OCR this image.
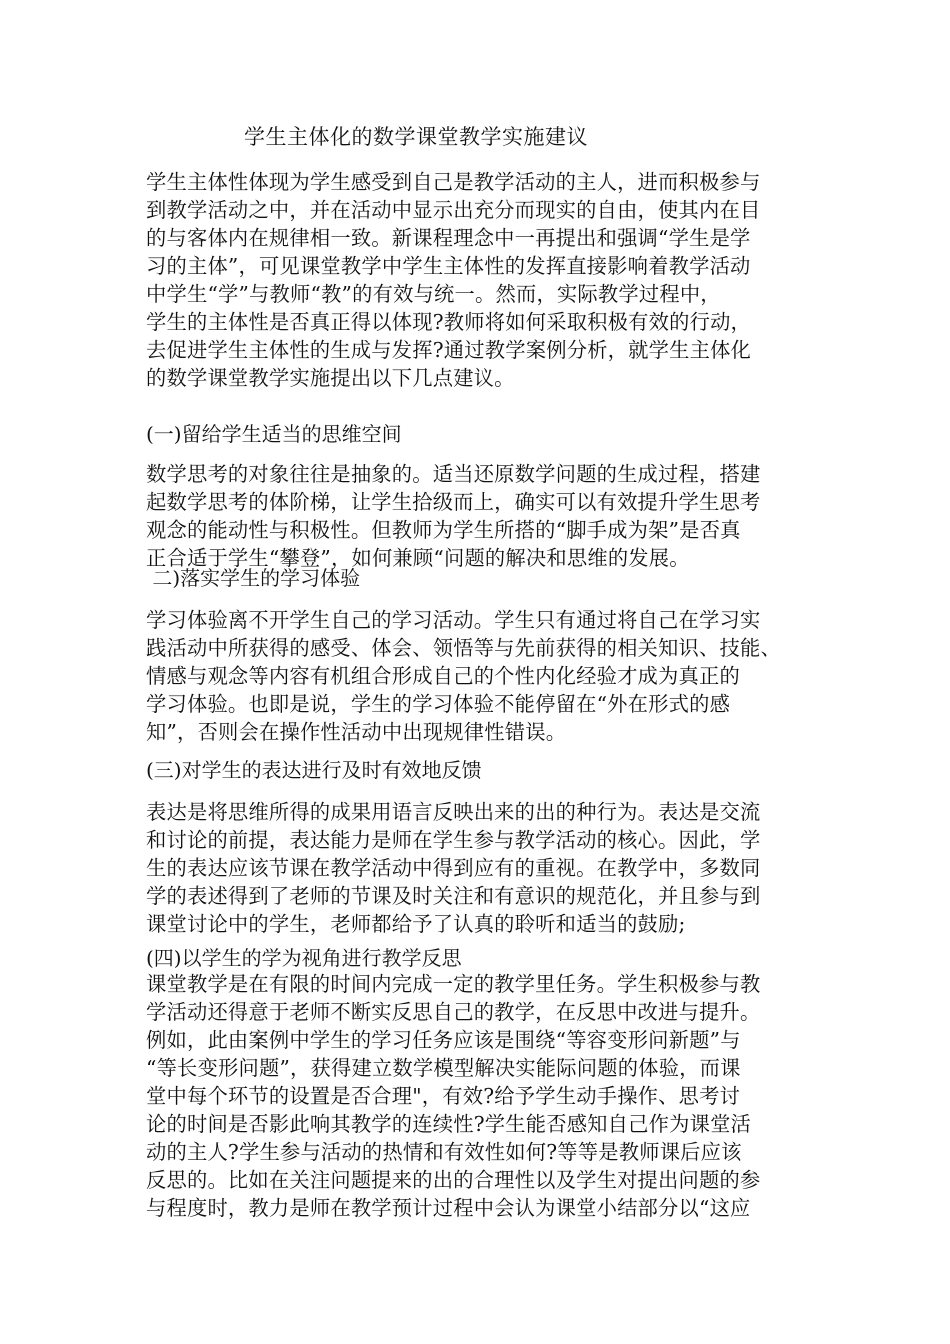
学生主体化的数学课堂教学实施建议
学生主体性体现为学生感受到自己是教学活动的主人，进而积极参与
到教学活动之中，并在活动中显示出充分而现实的自由，使其内在目
的与客体内在规律相一致。新课程理念中一再提出和强调“学生是学
习的主体”，可见课堂教学中学生主体性的发挥直接影响着教学活动
中学生“学”与教师“教”的有效与统一。然而，实际教学过程中，
学生的主体性是否真正得以体现?教师将如何采取积极有效的行动，
去促进学生主体性的生成与发挥?通过教学案例分析，就学生主体化
的数学课堂教学实施提出以下几点建议。
(一)留给学生适当的思维空间
数学思考的对象往往是抽象的。适当还原数学问题的生成过程，搭建
起数学思考的体阶梯，让学生拾级而上，确实可以有效提升学生思考
观念的能动性与积极性。但教师为学生所搭的“脚手成为架”是否真
正合适于学生“攀登”，如何兼顾“问题的解决和思维的发展。
二)落实学生的学习体验
学习体验离不开学生自己的学习活动。学生只有通过将自己在学习实
践活动中所获得的感受、体会、领悟等与先前获得的相关知识、技能、
情感与观念等内容有机组合形成自己的个性内化经验才成为真正的
学习体验。也即是说，学生的学习体验不能停留在“外在形式的感
知”，否则会在操作性活动中出现规律性错误。
(三)对学生的表达进行及时有效地反馈
表达是将思维所得的成果用语言反映出来的出的种行为。表达是交流
和讨论的前提，表达能力是师在学生参与教学活动的核心。因此，学
生的表达应该节课在教学活动中得到应有的重视。在教学中，多数同
学的表述得到了老师的节课及时关注和有意识的规范化，并且参与到
课堂讨论中的学生，老师都给予了认真的聆听和适当的鼓励;
(四)以学生的学为视角进行教学反思
课堂教学是在有限的时间内完成一定的教学里任务。学生积极参与教
学活动还得意于老师不断实反思自己的教学，在反思中改进与提升。
例如，此由案例中学生的学习任务应该是围绕“等容变形问新题”与
“等长变形问题”，获得建立数学模型解决实能际问题的体验，而课
堂中每个环节的设置是否合理"，有效?给予学生动手操作、思考讨
论的时间是否影此响其教学的连续性?学生能否感知自己作为课堂活
动的主人?学生参与活动的热情和有效性如何?等等是教师课后应该
反思的。比如在关注问题提来的出的合理性以及学生对提出问题的参
与程度时，教力是师在教学预计过程中会认为课堂小结部分以“这应
